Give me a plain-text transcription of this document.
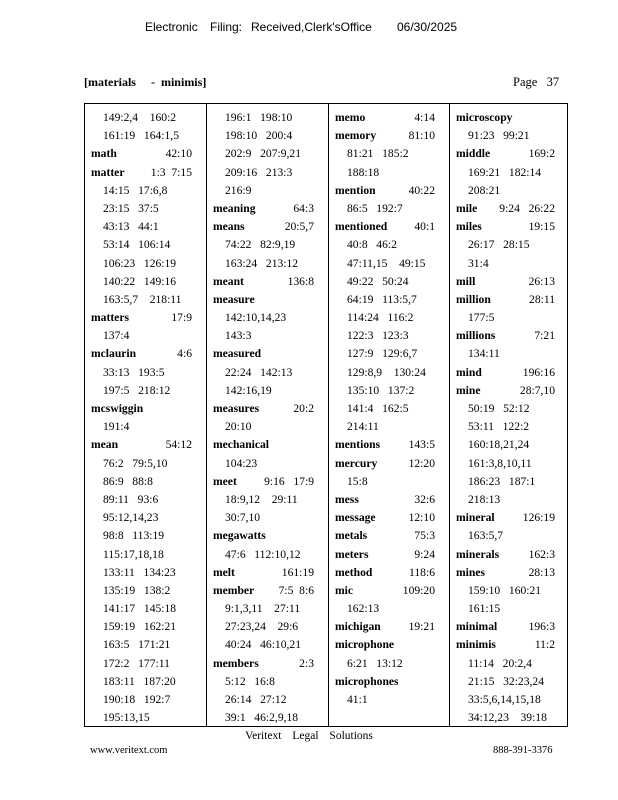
Electronic Filing: Received,Clerk'sOffice 06/30/2025
[materials     -  minimis]	Page   37
149:2,4    160:2
161:19   164:1,5
math	42:10
matter 1:3  7:15
14:15   17:6,8
23:15   37:5
43:13   44:1
53:14   106:14
106:23   126:19
140:22   149:16
163:5,7    218:11
matters	17:9
137:4
mclaurin	4:6
33:13   193:5
197:5   218:12
mcswiggin
191:4
mean	54:12
76:2   79:5,10
86:9   88:8
89:11   93:6
95:12,14,23
98:8   113:19
115:17,18,18
133:11   134:23
135:19   138:2
141:17   145:18
159:19   162:21
163:5   171:21
172:2   177:11
183:11   187:20
190:18   192:7
195:13,15
196:1   198:10
198:10   200:4
202:9   207:9,21
209:16   213:3
216:9
meaning	64:3
means	20:5,7
74:22   82:9,19
163:24   213:12
meant	136:8
measure
142:10,14,23
143:3
measured
22:24   142:13
142:16,19
measures	20:2
20:10
mechanical
104:23
meet 9:16   17:9
18:9,12    29:11
30:7,10
megawatts
47:6   112:10,12
melt	161:19
member 7:5  8:6
9:1,3,11    27:11
27:23,24    29:6
40:24   46:10,21
members	2:3
5:12   16:8
26:14   27:12
39:1   46:2,9,18
memo	4:14
memory	81:10
81:21   185:2
188:18
mention	40:22
86:5   192:7
mentioned 40:1
40:8   46:2
47:11,15    49:15
49:22   50:24
64:19   113:5,7
114:24   116:2
122:3   123:3
127:9   129:6,7
129:8,9    130:24
135:10   137:2
141:4   162:5
214:11
mentions 143:5
mercury	12:20
15:8
mess	32:6
message	12:10
metals	75:3
meters	9:24
method	118:6
mic	109:20
162:13
michigan 19:21
microphone
6:21   13:12
microphones
41:1
microscopy
91:23   99:21
middle	169:2
169:21   182:14
208:21
mile 9:24   26:22
miles	19:15
26:17   28:15
31:4
mill	26:13
million	28:11
177:5
millions	7:21
134:11
mind	196:16
mine	28:7,10
50:19   52:12
53:11   122:2
160:18,21,24
161:3,8,10,11
186:23   187:1
218:13
mineral 126:19
163:5,7
minerals	162:3
mines	28:13
159:10   160:21
161:15
minimal	196:3
minimis	11:2
11:14   20:2,4
21:15   32:23,24
33:5,6,14,15,18
34:12,23    39:18
Veritext Legal Solutions
www.veritext.com	888-391-3376
